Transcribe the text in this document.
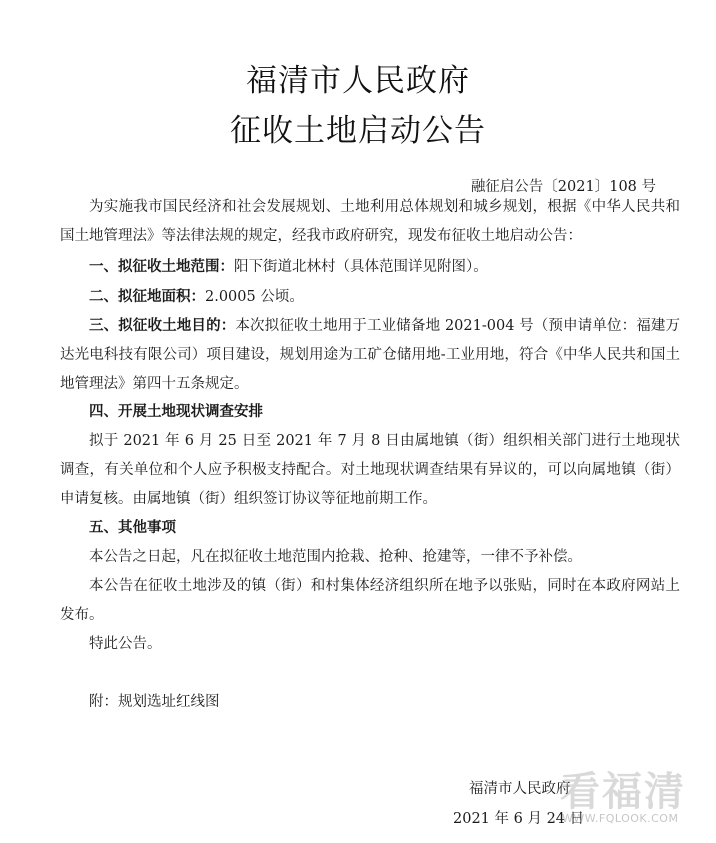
福清市人民政府
征收土地启动公告
融征启公告〔2021〕108 号
为实施我市国民经济和社会发展规划、土地利用总体规划和城乡规划，根据《中华人民共和国土地管理法》等法律法规的规定，经我市政府研究，现发布征收土地启动公告：
一、拟征收土地范围：阳下街道北林村（具体范围详见附图）。
二、拟征地面积：2.0005 公顷。
三、拟征收土地目的：本次拟征收土地用于工业储备地 2021-004 号（预申请单位：福建万达光电科技有限公司）项目建设，规划用途为工矿仓储用地-工业用地，符合《中华人民共和国土地管理法》第四十五条规定。
四、开展土地现状调查安排
拟于 2021 年 6 月 25 日至 2021 年 7 月 8 日由属地镇（街）组织相关部门进行土地现状调查，有关单位和个人应予积极支持配合。对土地现状调查结果有异议的，可以向属地镇（街）申请复核。由属地镇（街）组织签订协议等征地前期工作。
五、其他事项
本公告之日起，凡在拟征收土地范围内抢栽、抢种、抢建等，一律不予补偿。
本公告在征收土地涉及的镇（街）和村集体经济组织所在地予以张贴，同时在本政府网站上发布。
特此公告。
附：规划选址红线图
福清市人民政府
2021 年 6 月 24 日
看福清
WWW.FQLOOK.COM
